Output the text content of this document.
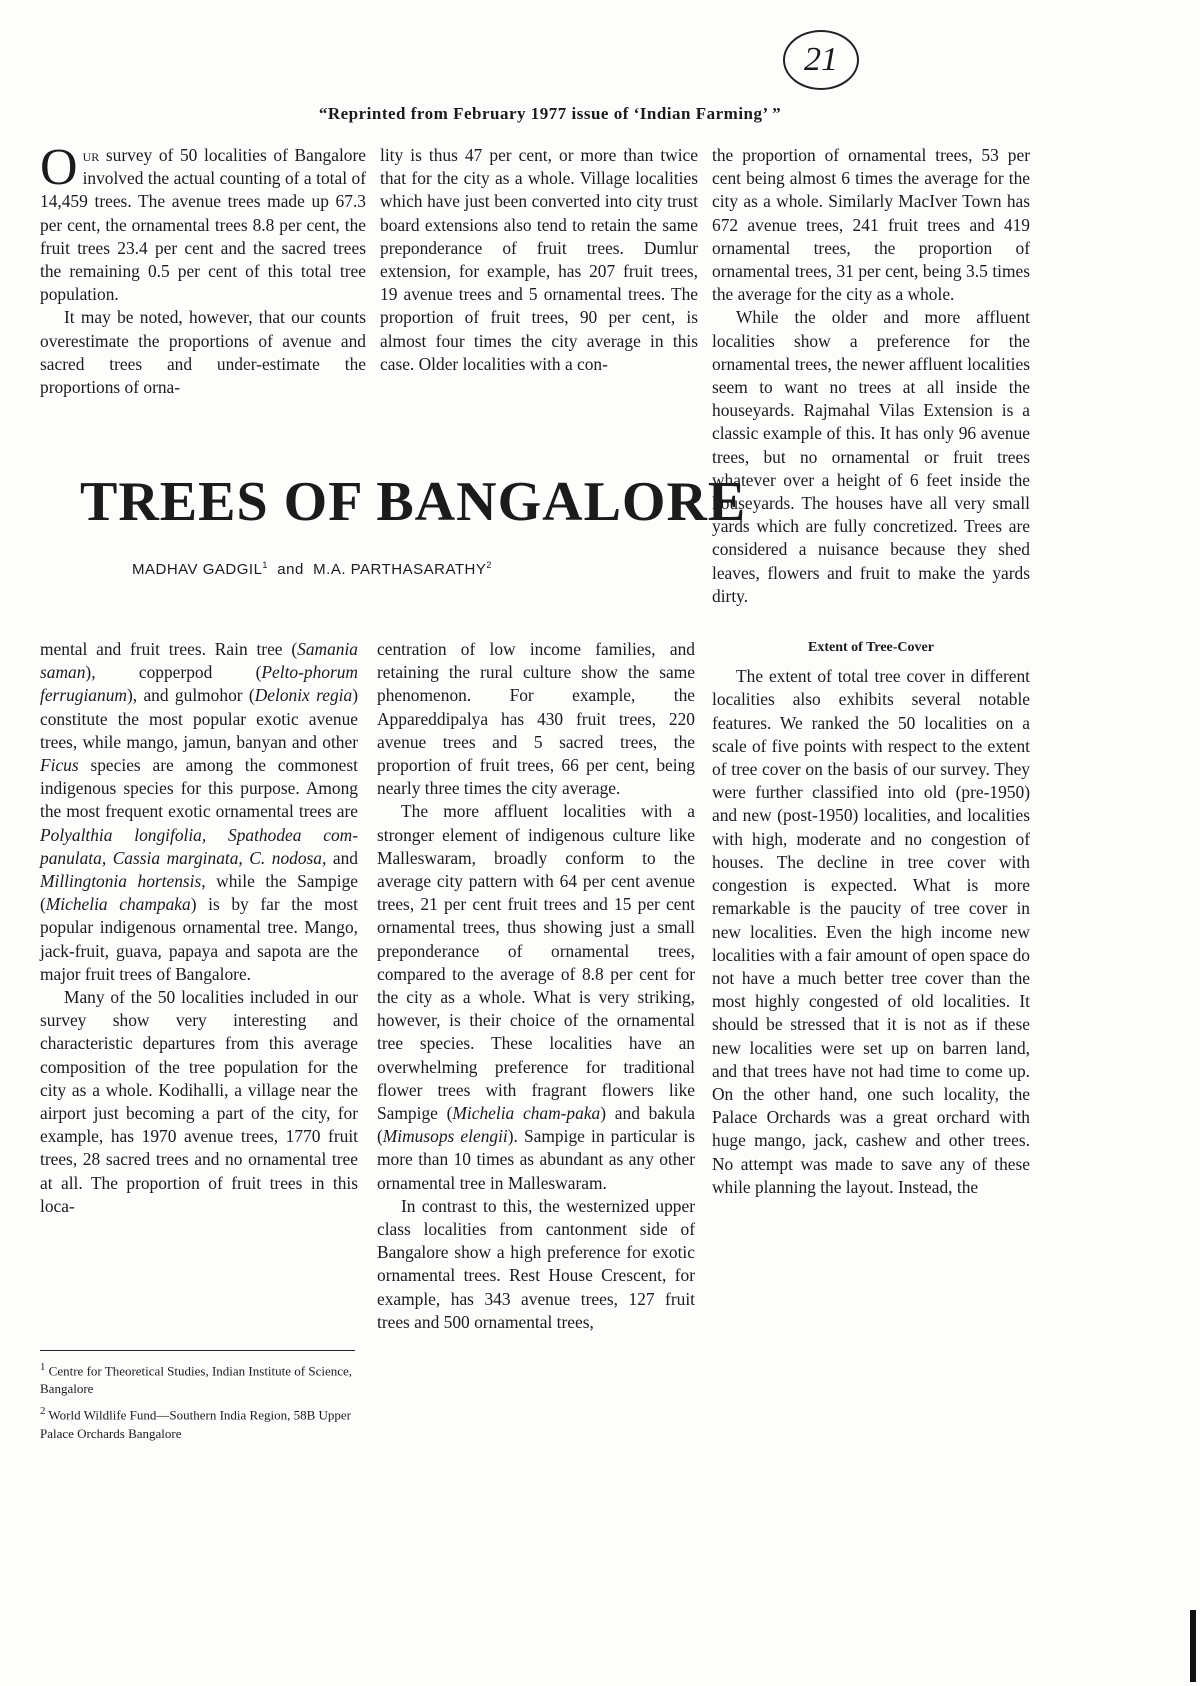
21
“Reprinted from February 1977 issue of ‘Indian Farming’ ”

Our survey of 50 localities of Bangalore involved the actual counting of a total of 14,459 trees. The avenue trees made up 67.3 per cent, the ornamental trees 8.8 per cent, the fruit trees 23.4 per cent and the sacred trees the remaining 0.5 per cent of this total tree population.

It may be noted, however, that our counts overestimate the proportions of avenue and sacred trees and under-estimate the proportions of orna-

lity is thus 47 per cent, or more than twice that for the city as a whole. Village localities which have just been converted into city trust board extensions also tend to retain the same preponderance of fruit trees. Dumlur extension, for example, has 207 fruit trees, 19 avenue trees and 5 ornamental trees. The proportion of fruit trees, 90 per cent, is almost four times the city average in this case. Older localities with a con-

TREES OF BANGALORE
MADHAV GADGIL$^1$ and M.A. PARTHASARATHY$^2$

mental and fruit trees. Rain tree (Samania saman), copperpod (Pelto-phorum ferrugianum), and gulmohor (Delonix regia) constitute the most popular exotic avenue trees, while mango, jamun, banyan and other Ficus species are among the commonest indigenous species for this purpose. Among the most frequent exotic ornamental trees are Polyalthia longifolia, Spathodea com-panulata, Cassia marginata, C. nodosa, and Millingtonia hortensis, while the Sampige (Michelia champaka) is by far the most popular indigenous ornamental tree. Mango, jack-fruit, guava, papaya and sapota are the major fruit trees of Bangalore.

Many of the 50 localities included in our survey show very interesting and characteristic departures from this average composition of the tree population for the city as a whole. Kodihalli, a village near the airport just becoming a part of the city, for example, has 1970 avenue trees, 1770 fruit trees, 28 sacred trees and no ornamental tree at all. The proportion of fruit trees in this loca-

centration of low income families, and retaining the rural culture show the same phenomenon. For example, the Appareddipalya has 430 fruit trees, 220 avenue trees and 5 sacred trees, the proportion of fruit trees, 66 per cent, being nearly three times the city average.

The more affluent localities with a stronger element of indigenous culture like Malleswaram, broadly conform to the average city pattern with 64 per cent avenue trees, 21 per cent fruit trees and 15 per cent ornamental trees, thus showing just a small preponderance of ornamental trees, compared to the average of 8.8 per cent for the city as a whole. What is very striking, however, is their choice of the ornamental tree species. These localities have an overwhelming preference for traditional flower trees with fragrant flowers like Sampige (Michelia cham-paka) and bakula (Mimusops elengii). Sampige in particular is more than 10 times as abundant as any other ornamental tree in Malleswaram.

In contrast to this, the westernized upper class localities from cantonment side of Bangalore show a high preference for exotic ornamental trees. Rest House Crescent, for example, has 343 avenue trees, 127 fruit trees and 500 ornamental trees,

the proportion of ornamental trees, 53 per cent being almost 6 times the average for the city as a whole. Similarly MacIver Town has 672 avenue trees, 241 fruit trees and 419 ornamental trees, the proportion of ornamental trees, 31 per cent, being 3.5 times the average for the city as a whole.

While the older and more affluent localities show a preference for the ornamental trees, the newer affluent localities seem to want no trees at all inside the houseyards. Rajmahal Vilas Extension is a classic example of this. It has only 96 avenue trees, but no ornamental or fruit trees whatever over a height of 6 feet inside the houseyards. The houses have all very small yards which are fully concretized. Trees are considered a nuisance because they shed leaves, flowers and fruit to make the yards dirty.

Extent of Tree-Cover

The extent of total tree cover in different localities also exhibits several notable features. We ranked the 50 localities on a scale of five points with respect to the extent of tree cover on the basis of our survey. They were further classified into old (pre-1950) and new (post-1950) localities, and localities with high, moderate and no congestion of houses. The decline in tree cover with congestion is expected. What is more remarkable is the paucity of tree cover in new localities. Even the high income new localities with a fair amount of open space do not have a much better tree cover than the most highly congested of old localities. It should be stressed that it is not as if these new localities were set up on barren land, and that trees have not had time to come up. On the other hand, one such locality, the Palace Orchards was a great orchard with huge mango, jack, cashew and other trees. No attempt was made to save any of these while planning the layout. Instead, the

$^1$ Centre for Theoretical Studies, Indian Institute of Science, Bangalore

$^2$ World Wildlife Fund—Southern India Region, 58B Upper Palace Orchards Bangalore
